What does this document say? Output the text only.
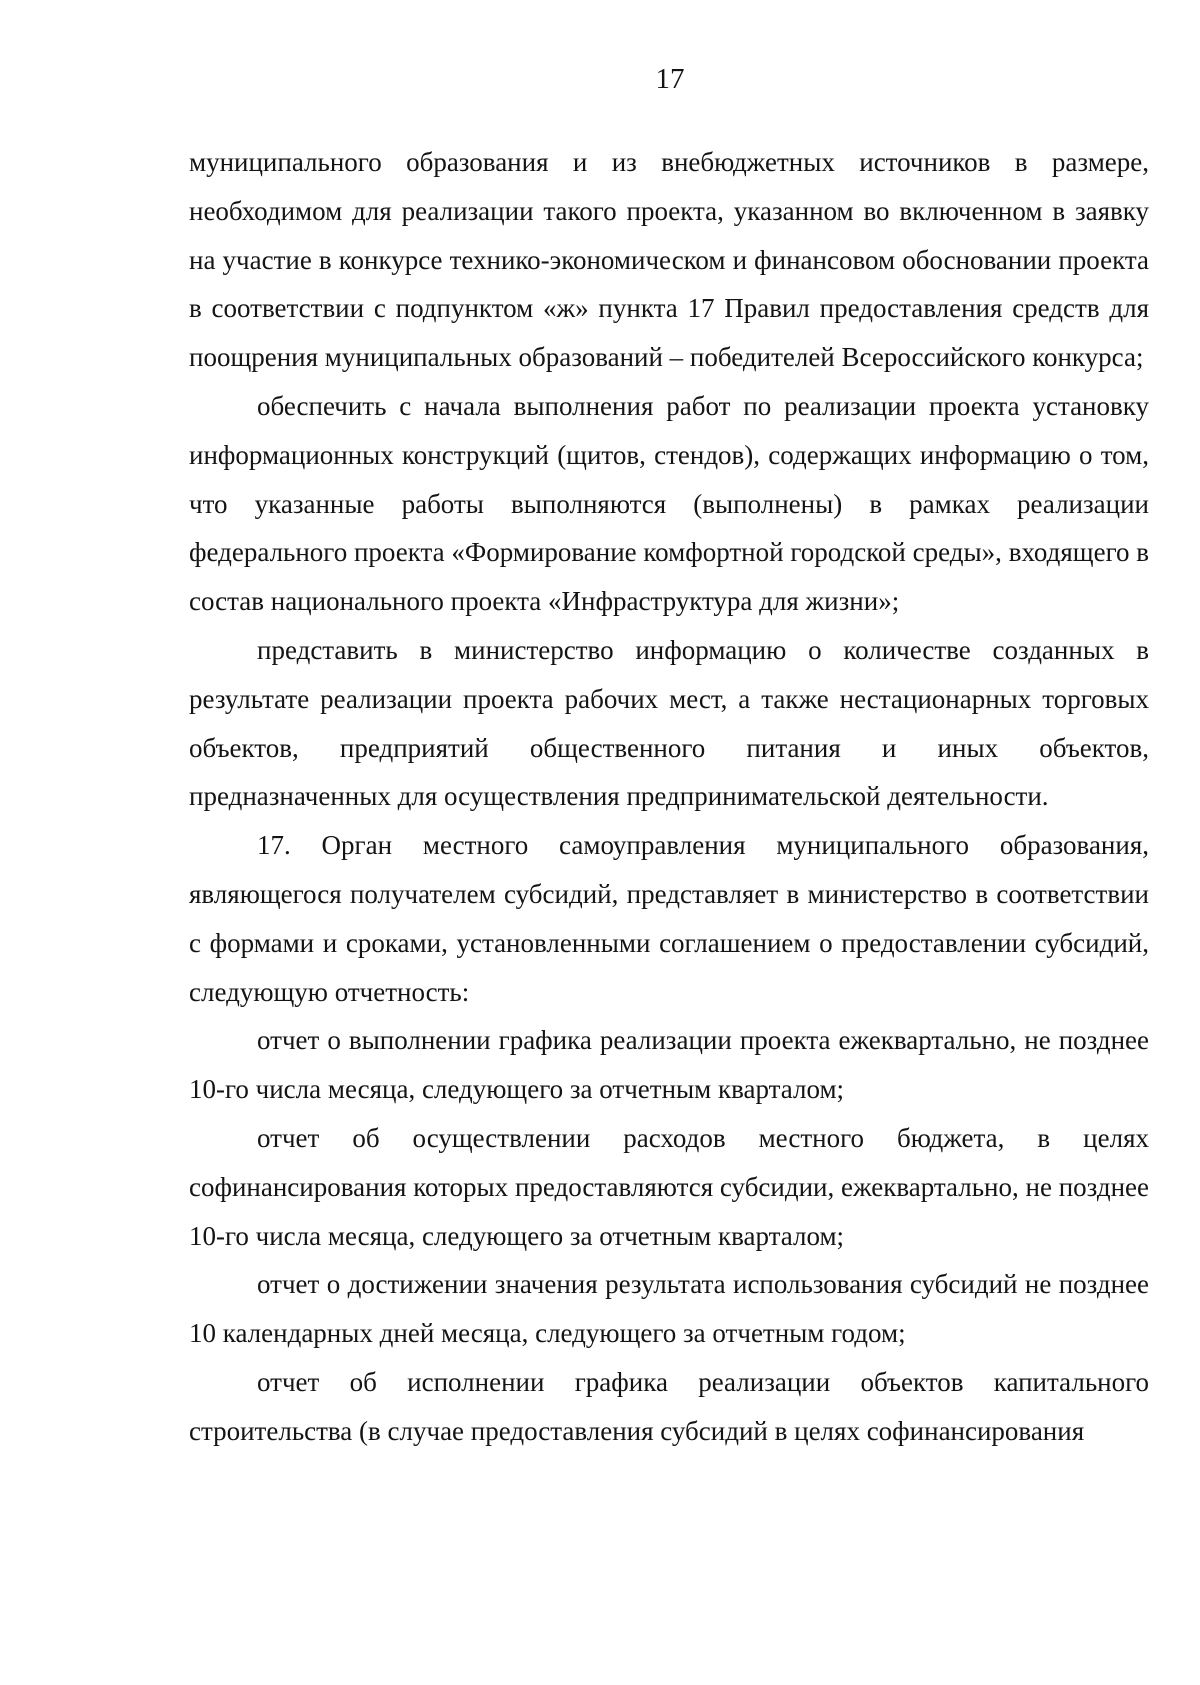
17

муниципального образования и из внебюджетных источников в размере, необходимом для реализации такого проекта, указанном во включенном в заявку на участие в конкурсе технико-экономическом и финансовом обосновании проекта в соответствии с подпунктом «ж» пункта 17 Правил предоставления средств для поощрения муниципальных образований – победителей Всероссийского конкурса;

обеспечить с начала выполнения работ по реализации проекта установку информационных конструкций (щитов, стендов), содержащих информацию о том, что указанные работы выполняются (выполнены) в рамках реализации федерального проекта «Формирование комфортной городской среды», входящего в состав национального проекта «Инфраструктура для жизни»;

представить в министерство информацию о количестве созданных в результате реализации проекта рабочих мест, а также нестационарных торговых объектов, предприятий общественного питания и иных объектов, предназначенных для осуществления предпринимательской деятельности.

17. Орган местного самоуправления муниципального образования, являющегося получателем субсидий, представляет в министерство в соответствии с формами и сроками, установленными соглашением о предоставлении субсидий, следующую отчетность:

отчет о выполнении графика реализации проекта ежеквартально, не позднее 10-го числа месяца, следующего за отчетным кварталом;

отчет об осуществлении расходов местного бюджета, в целях софинансирования которых предоставляются субсидии, ежеквартально, не позднее 10-го числа месяца, следующего за отчетным кварталом;

отчет о достижении значения результата использования субсидий не позднее 10 календарных дней месяца, следующего за отчетным годом;

отчет об исполнении графика реализации объектов капитального строительства (в случае предоставления субсидий в целях софинансирования
